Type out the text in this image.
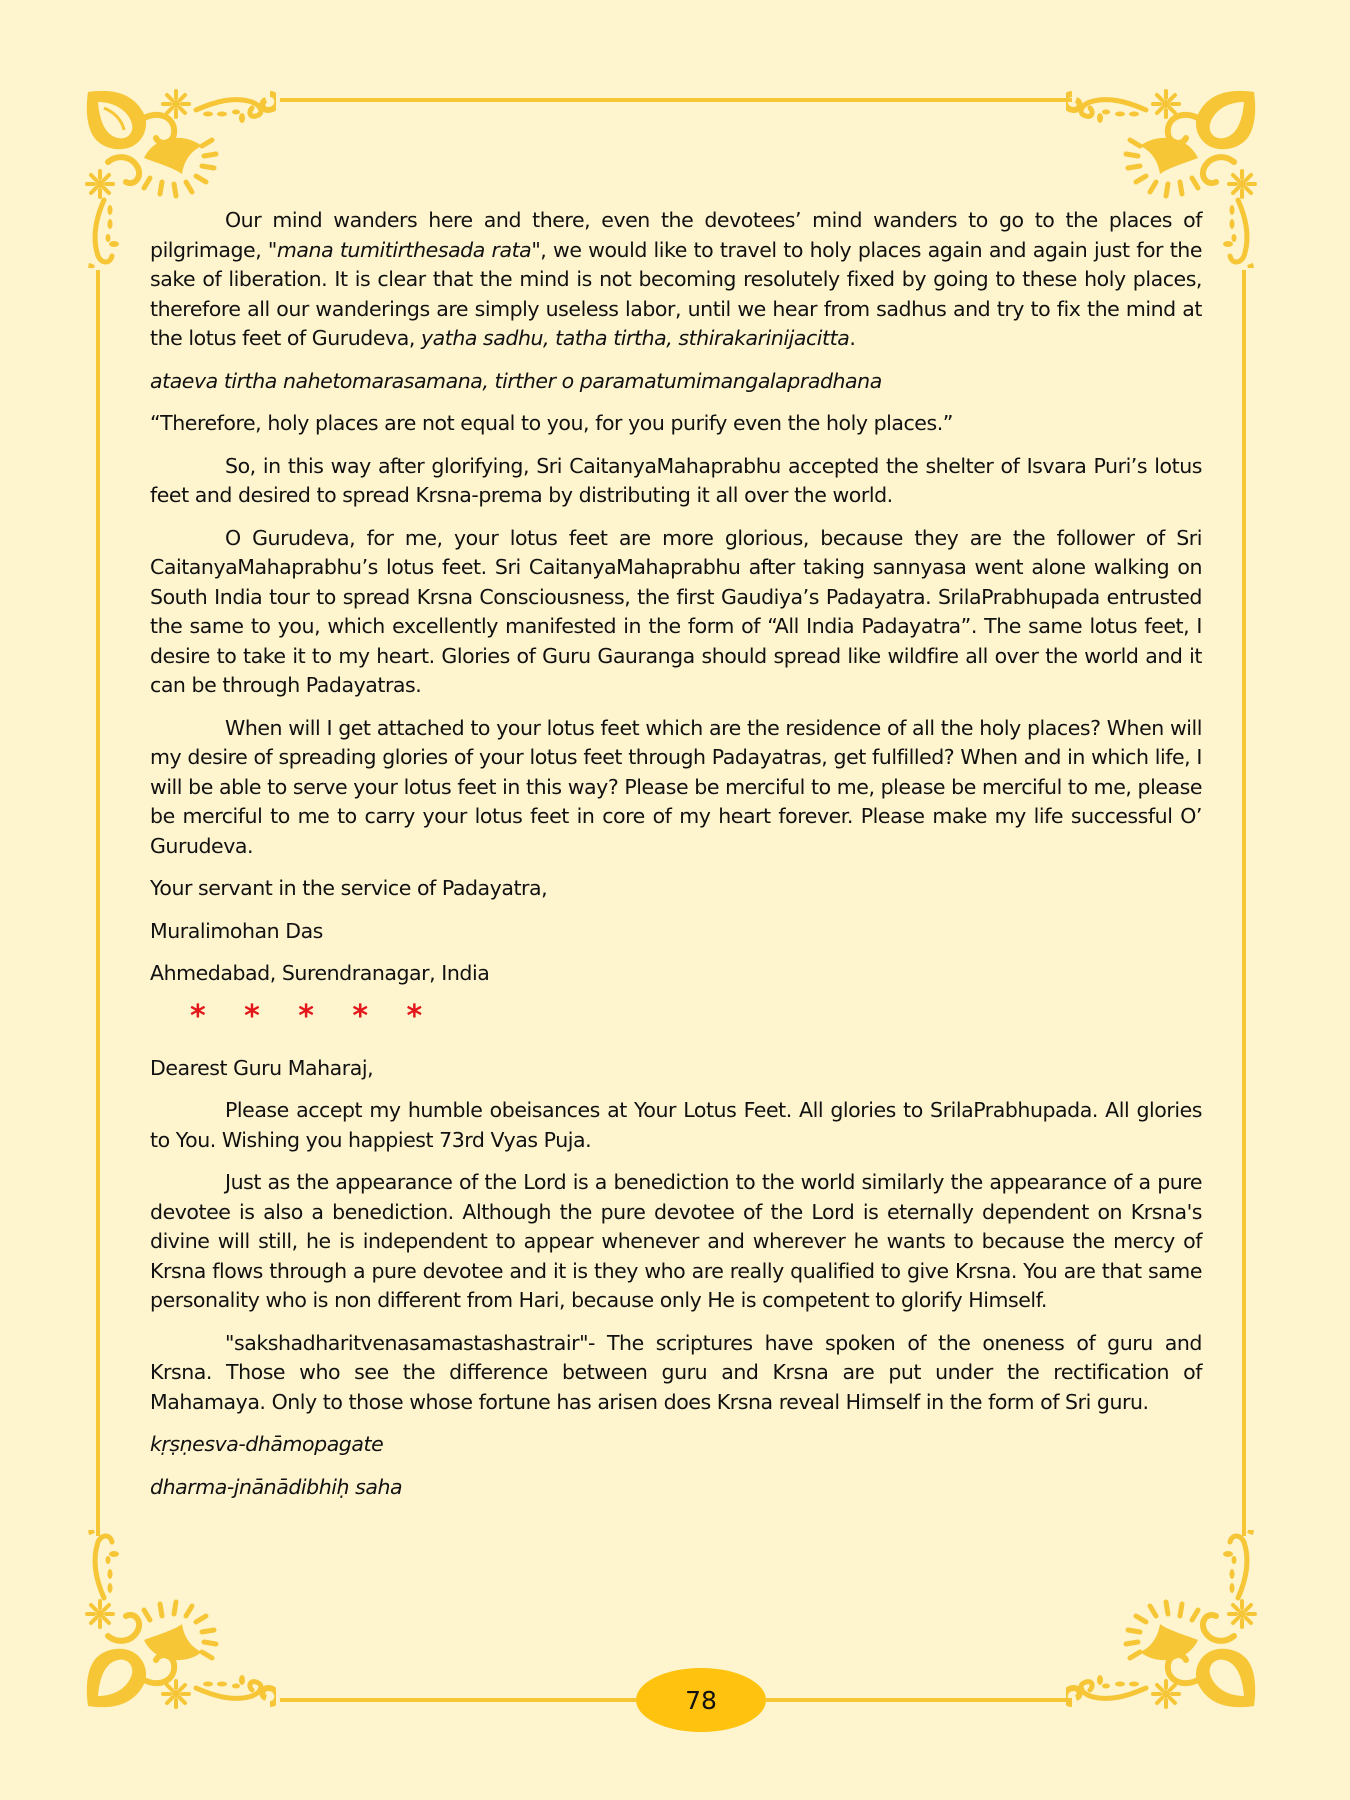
Our mind wanders here and there, even the devotees’ mind wanders to go to the places of pilgrimage, "mana tumitirthesada rata", we would like to travel to holy places again and again just for the sake of liberation. It is clear that the mind is not becoming resolutely fixed by going to these holy places, therefore all our wanderings are simply useless labor, until we hear from sadhus and try to fix the mind at the lotus feet of Gurudeva, yatha sadhu, tatha tirtha, sthirakarinijacitta.

ataeva tirtha nahetomarasamana, tirther o paramatumimangalapradhana

“Therefore, holy places are not equal to you, for you purify even the holy places.”

So, in this way after glorifying, Sri CaitanyaMahaprabhu accepted the shelter of Isvara Puri’s lotus feet and desired to spread Krsna-prema by distributing it all over the world.

O Gurudeva, for me, your lotus feet are more glorious, because they are the follower of Sri CaitanyaMahaprabhu’s lotus feet. Sri CaitanyaMahaprabhu after taking sannyasa went alone walking on South India tour to spread Krsna Consciousness, the first Gaudiya’s Padayatra. SrilaPrabhupada entrusted the same to you, which excellently manifested in the form of “All India Padayatra”. The same lotus feet, I desire to take it to my heart. Glories of Guru Gauranga should spread like wildfire all over the world and it can be through Padayatras.

When will I get attached to your lotus feet which are the residence of all the holy places? When will my desire of spreading glories of your lotus feet through Padayatras, get fulfilled? When and in which life, I will be able to serve your lotus feet in this way? Please be merciful to me, please be merciful to me, please be merciful to me to carry your lotus feet in core of my heart forever. Please make my life successful O’ Gurudeva.

Your servant in the service of Padayatra,

Muralimohan Das

Ahmedabad, Surendranagar, India

* * * * *

Dearest Guru Maharaj,

Please accept my humble obeisances at Your Lotus Feet. All glories to SrilaPrabhupada. All glories to You. Wishing you happiest 73rd Vyas Puja.

Just as the appearance of the Lord is a benediction to the world similarly the appearance of a pure devotee is also a benediction. Although the pure devotee of the Lord is eternally dependent on Krsna's divine will still, he is independent to appear whenever and wherever he wants to because the mercy of Krsna flows through a pure devotee and it is they who are really qualified to give Krsna. You are that same personality who is non different from Hari, because only He is competent to glorify Himself.

"sakshadharitvenasamastashastrair"- The scriptures have spoken of the oneness of guru and Krsna. Those who see the difference between guru and Krsna are put under the rectification of Mahamaya. Only to those whose fortune has arisen does Krsna reveal Himself in the form of Sri guru.

kṛṣṇesva-dhāmopagate

dharma-jnānādibhiḥ saha

78
